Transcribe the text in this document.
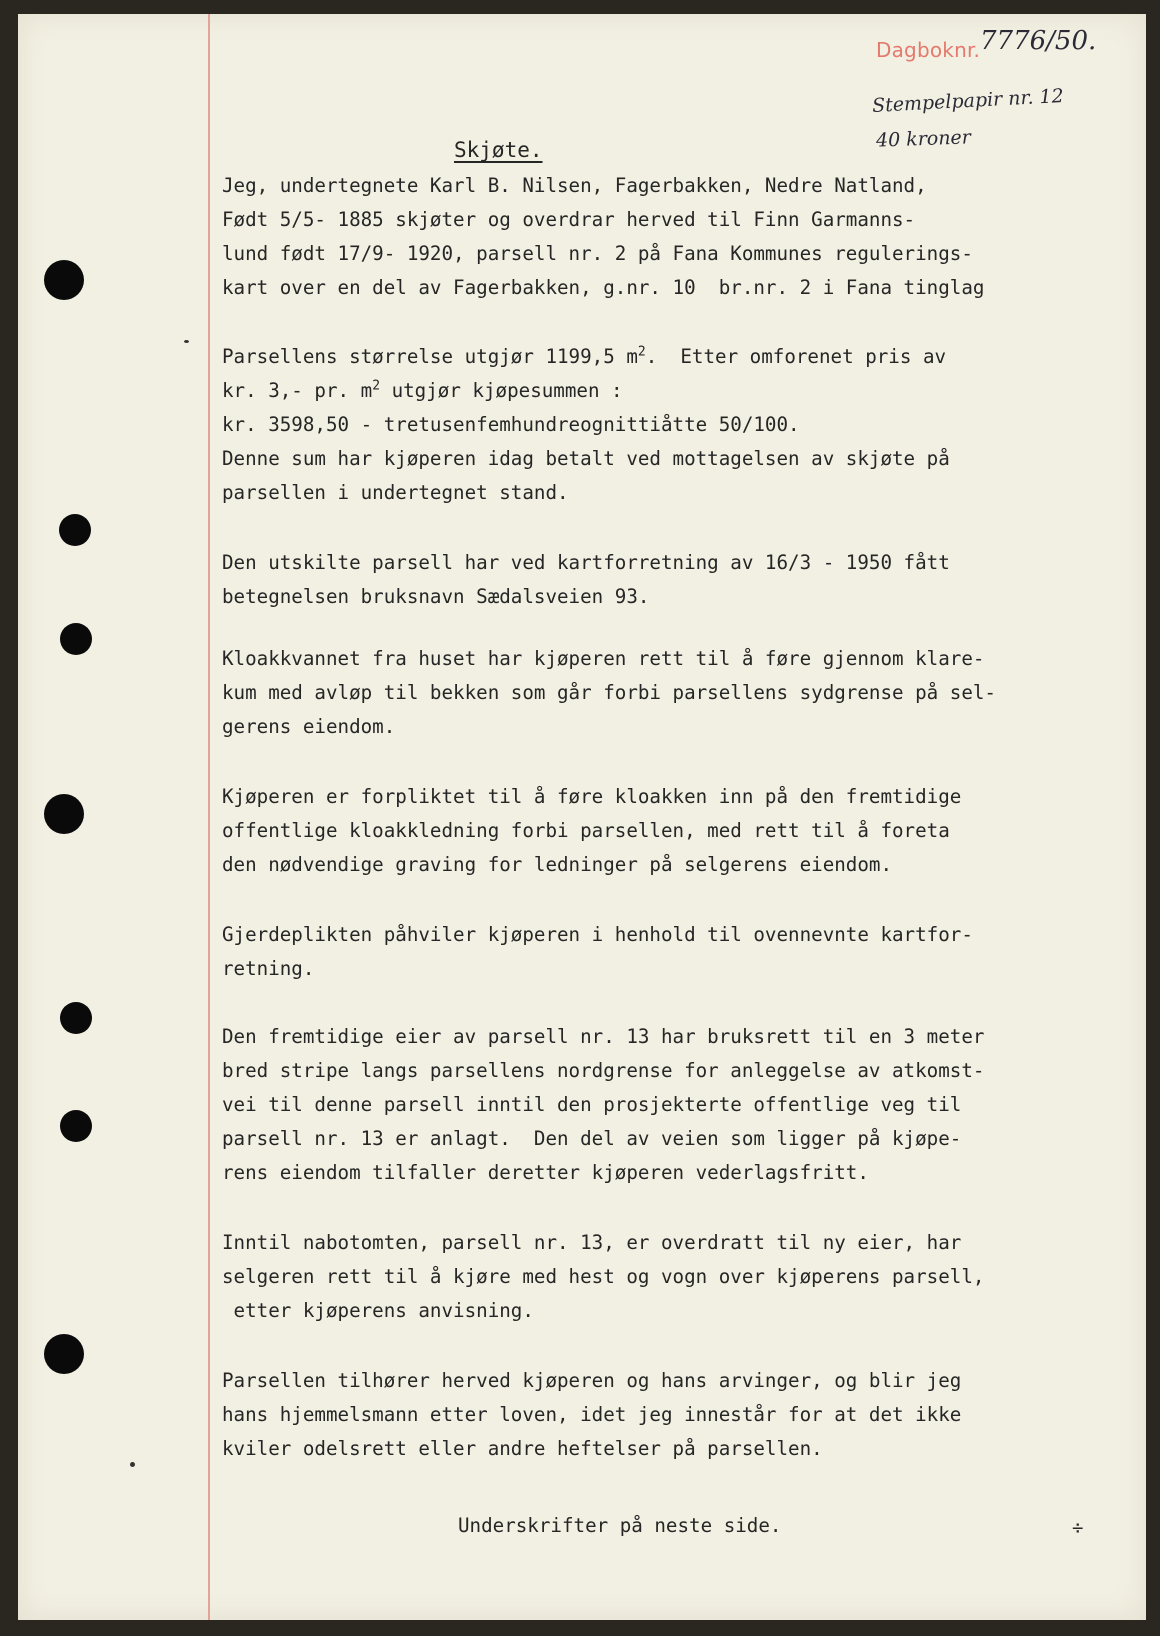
Dagboknr. 7776/50.
Stempelpapir nr. 12
40 kroner
Skjøte.

Jeg, undertegnete Karl B. Nilsen, Fagerbakken, Nedre Natland,
Født 5/5- 1885 skjøter og overdrar herved til Finn Garmanns-
lund født 17/9- 1920, parsell nr. 2 på Fana Kommunes regulerings-
kart over en del av Fagerbakken, g.nr. 10  br.nr. 2 i Fana tinglag

Parsellens størrelse utgjør 1199,5 $m^2$.  Etter omforenet pris av
kr. 3,- pr. $m^2$ utgjør kjøpesummen :
kr. 3598,50 - tretusenfemhundreognittiåtte 50/100.
Denne sum har kjøperen idag betalt ved mottagelsen av skjøte på
parsellen i undertegnet stand.

Den utskilte parsell har ved kartforretning av 16/3 - 1950 fått
betegnelsen bruksnavn Sædalsveien 93.

Kloakkvannet fra huset har kjøperen rett til å føre gjennom klare-
kum med avløp til bekken som går forbi parsellens sydgrense på sel-
gerens eiendom.

Kjøperen er forpliktet til å føre kloakken inn på den fremtidige
offentlige kloakkledning forbi parsellen, med rett til å foreta
den nødvendige graving for ledninger på selgerens eiendom.

Gjerdeplikten påhviler kjøperen i henhold til ovennevnte kartfor-
retning.

Den fremtidige eier av parsell nr. 13 har bruksrett til en 3 meter
bred stripe langs parsellens nordgrense for anleggelse av atkomst-
vei til denne parsell inntil den prosjekterte offentlige veg til
parsell nr. 13 er anlagt.  Den del av veien som ligger på kjøpe-
rens eiendom tilfaller deretter kjøperen vederlagsfritt.

Inntil nabotomten, parsell nr. 13, er overdratt til ny eier, har
selgeren rett til å kjøre med hest og vogn over kjøperens parsell,
etter kjøperens anvisning.

Parsellen tilhører herved kjøperen og hans arvinger, og blir jeg
hans hjemmelsmann etter loven, idet jeg innestår for at det ikke
kviler odelsrett eller andre heftelser på parsellen.

Underskrifter på neste side.	÷
